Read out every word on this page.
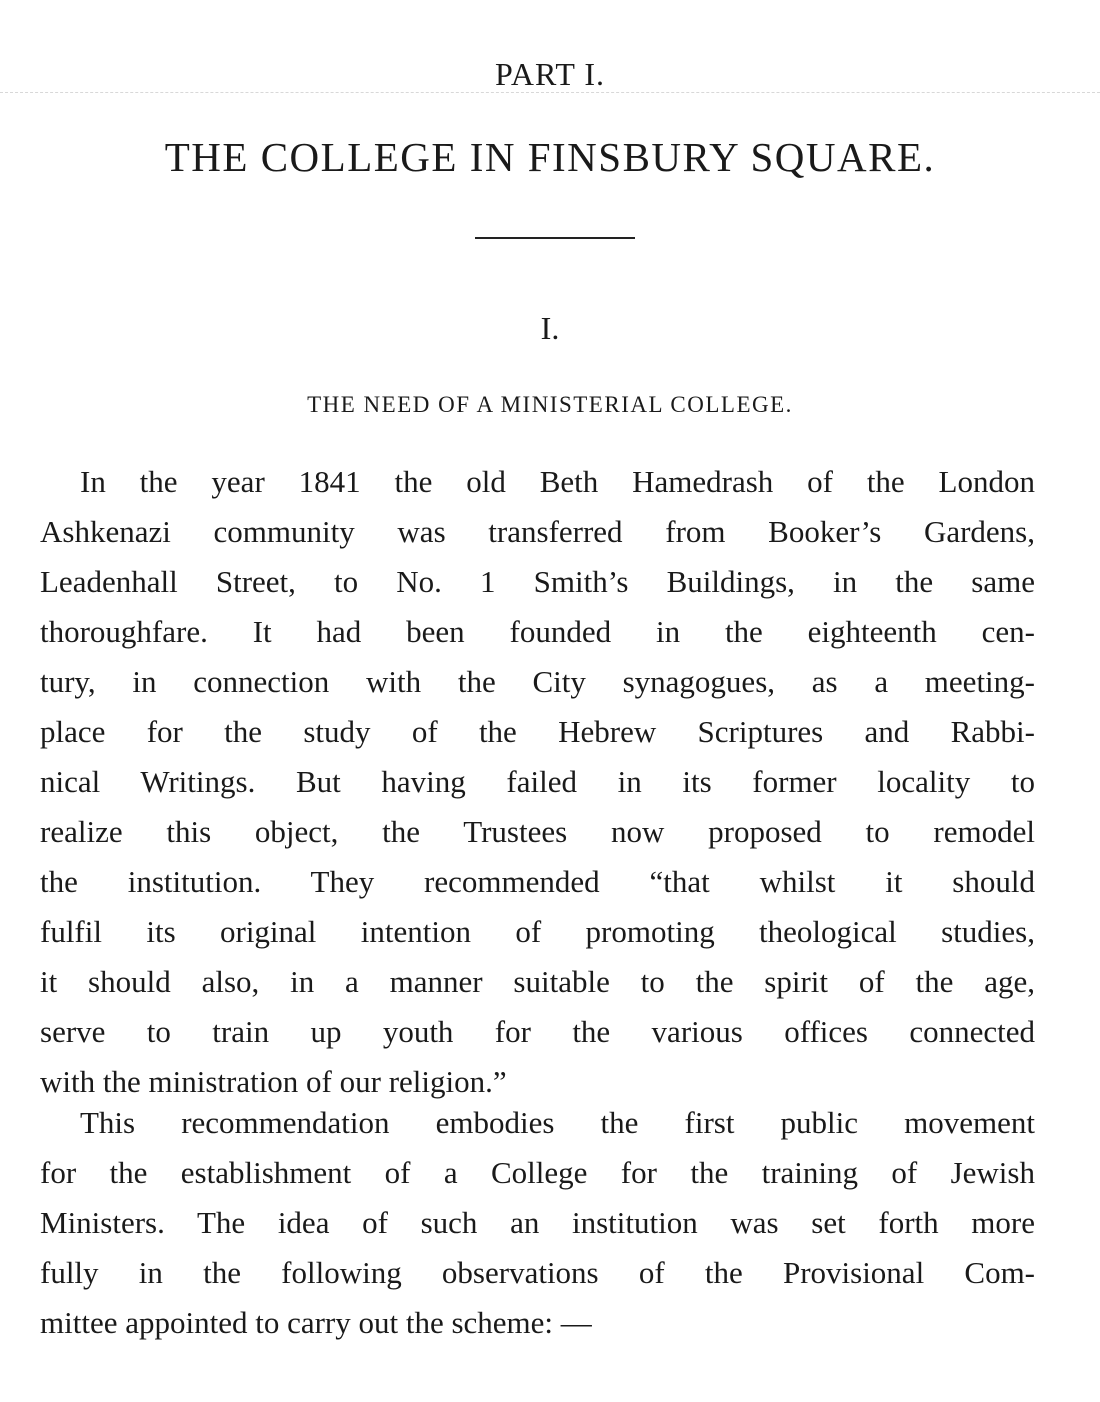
PART I.
THE COLLEGE IN FINSBURY SQUARE.
I.
THE NEED OF A MINISTERIAL COLLEGE.
In the year 1841 the old Beth Hamedrash of the London
Ashkenazi community was transferred from Booker’s Gardens,
Leadenhall Street, to No. 1 Smith’s Buildings, in the same
thoroughfare. It had been founded in the eighteenth cen-
tury, in connection with the City synagogues, as a meeting-
place for the study of the Hebrew Scriptures and Rabbi-
nical Writings. But having failed in its former locality to
realize this object, the Trustees now proposed to remodel
the institution. They recommended “that whilst it should
fulfil its original intention of promoting theological studies,
it should also, in a manner suitable to the spirit of the age,
serve to train up youth for the various offices connected
with the ministration of our religion.”
This recommendation embodies the first public movement
for the establishment of a College for the training of Jewish
Ministers. The idea of such an institution was set forth more
fully in the following observations of the Provisional Com-
mittee appointed to carry out the scheme: —
